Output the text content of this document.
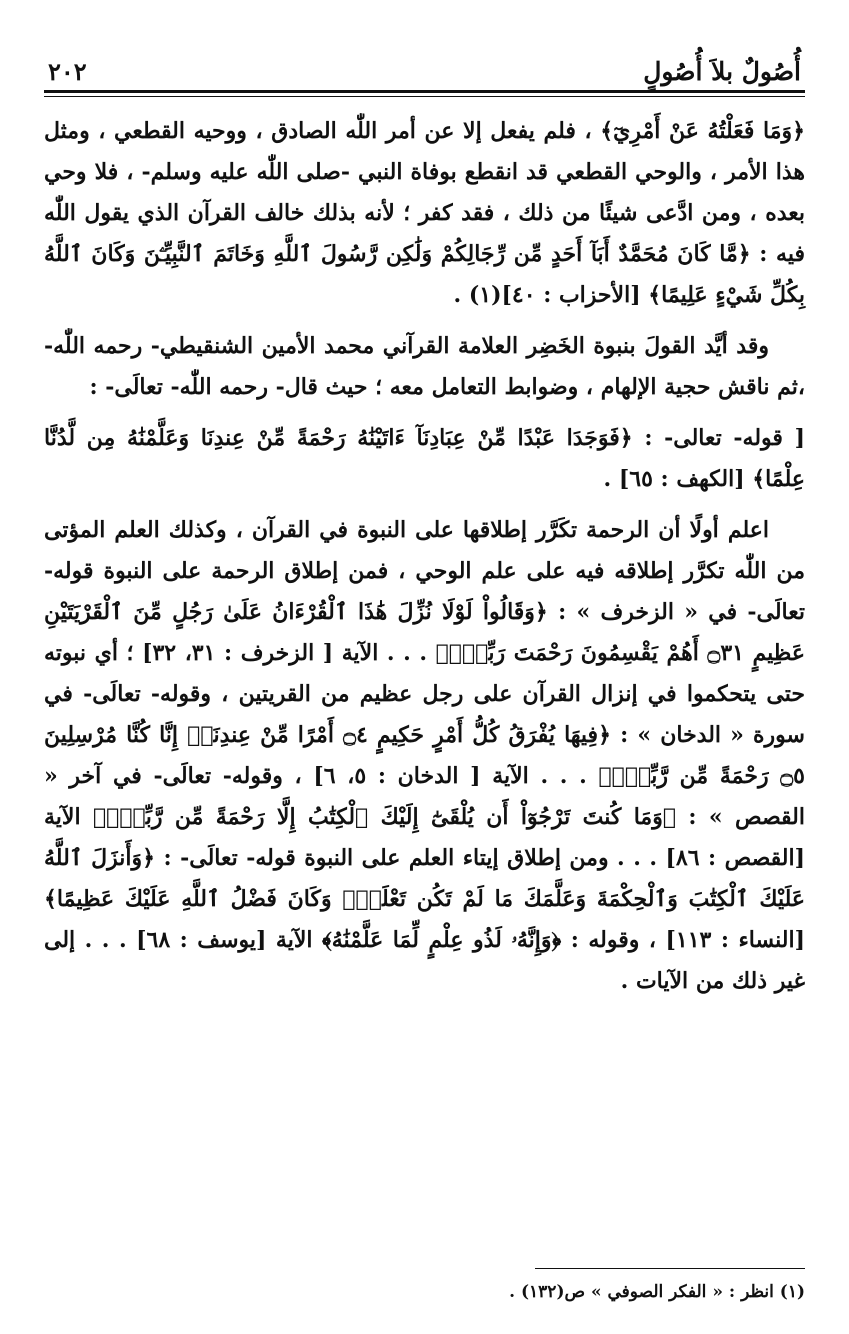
أُصُولٌ بلاَ أُصُولٍ
٢٠٢

﴿وَمَا فَعَلْتُهُ عَنْ أَمْرِيٓ﴾ ، فلم يفعل إلا عن أمر اللّٰه الصادق ، ووحيه القطعي ، ومثل هذا الأمر ، والوحي القطعي قد انقطع بوفاة النبي -صلى اللّٰه عليه وسلم- ، فلا وحي بعده ، ومن ادَّعى شيئًا من ذلك ، فقد كفر ؛ لأنه بذلك خالف القرآن الذي يقول اللّٰه فيه : ﴿مَّا كَانَ مُحَمَّدٌ أَبَآ أَحَدٍ مِّن رِّجَالِكُمْ وَلَٰكِن رَّسُولَ ٱللَّهِ وَخَاتَمَ ٱلنَّبِيِّـۧنَ وَكَانَ ٱللَّهُ بِكُلِّ شَيْءٍ عَلِيمًا﴾ [الأحزاب : ٤٠](١) .

وقد أيَّد القولَ بنبوة الخَضِر العلامة القرآني محمد الأمين الشنقيطي- رحمه اللّٰه- ،ثم ناقش حجية الإلهام ، وضوابط التعامل معه ؛ حيث قال- رحمه اللّٰه- تعالَى- :

[ قوله- تعالى- : ﴿فَوَجَدَا عَبْدًا مِّنْ عِبَادِنَآ ءَاتَيْنَٰهُ رَحْمَةً مِّنْ عِندِنَا وَعَلَّمْنَٰهُ مِن لَّدُنَّا عِلْمًا﴾ [الكهف : ٦٥] .

اعلم أولًا أن الرحمة تكَرَّر إطلاقها على النبوة في القرآن ، وكذلك العلم المؤتى من اللّٰه تكرَّر إطلاقه فيه على علم الوحي ، فمن إطلاق الرحمة على النبوة قوله- تعالَى- في « الزخرف » : ﴿وَقَالُواْ لَوْلَا نُزِّلَ هَٰذَا ٱلْقُرْءَانُ عَلَىٰ رَجُلٍ مِّنَ ٱلْقَرْيَتَيْنِ عَظِيمٍ ۝٣١ أَهُمْ يَقْسِمُونَ رَحْمَتَ رَبِّكَۚ﴾ . . . الآية [ الزخرف : ٣١، ٣٢] ؛ أي نبوته حتى يتحكموا في إنزال القرآن على رجل عظيم من القريتين ، وقوله- تعالَى- في سورة « الدخان » : ﴿فِيهَا يُفْرَقُ كُلُّ أَمْرٍ حَكِيمٍ ۝٤ أَمْرًا مِّنْ عِندِنَآۚ إِنَّا كُنَّا مُرْسِلِينَ ۝٥ رَحْمَةً مِّن رَّبِّكَۚ﴾ . . . الآية [ الدخان : ٥، ٦] ، وقوله- تعالَى- في آخر « القصص » : ﴿وَمَا كُنتَ تَرْجُوٓاْ أَن يُلْقَىٰٓ إِلَيْكَ ٱلْكِتَٰبُ إِلَّا رَحْمَةً مِّن رَّبِّكَۖ﴾ الآية [القصص : ٨٦] . . . ومن إطلاق إيتاء العلم على النبوة قوله- تعالَى- : ﴿وَأَنزَلَ ٱللَّهُ عَلَيْكَ ٱلْكِتَٰبَ وَٱلْحِكْمَةَ وَعَلَّمَكَ مَا لَمْ تَكُن تَعْلَمُۚ وَكَانَ فَضْلُ ٱللَّهِ عَلَيْكَ عَظِيمًا﴾ [النساء : ١١٣] ، وقوله : ﴿وَإِنَّهُۥ لَذُو عِلْمٍ لِّمَا عَلَّمْنَٰهُ﴾ الآية [يوسف : ٦٨] . . . إلى غير ذلك من الآيات .

(١) انظر : « الفكر الصوفي » ص(١٣٢) .
